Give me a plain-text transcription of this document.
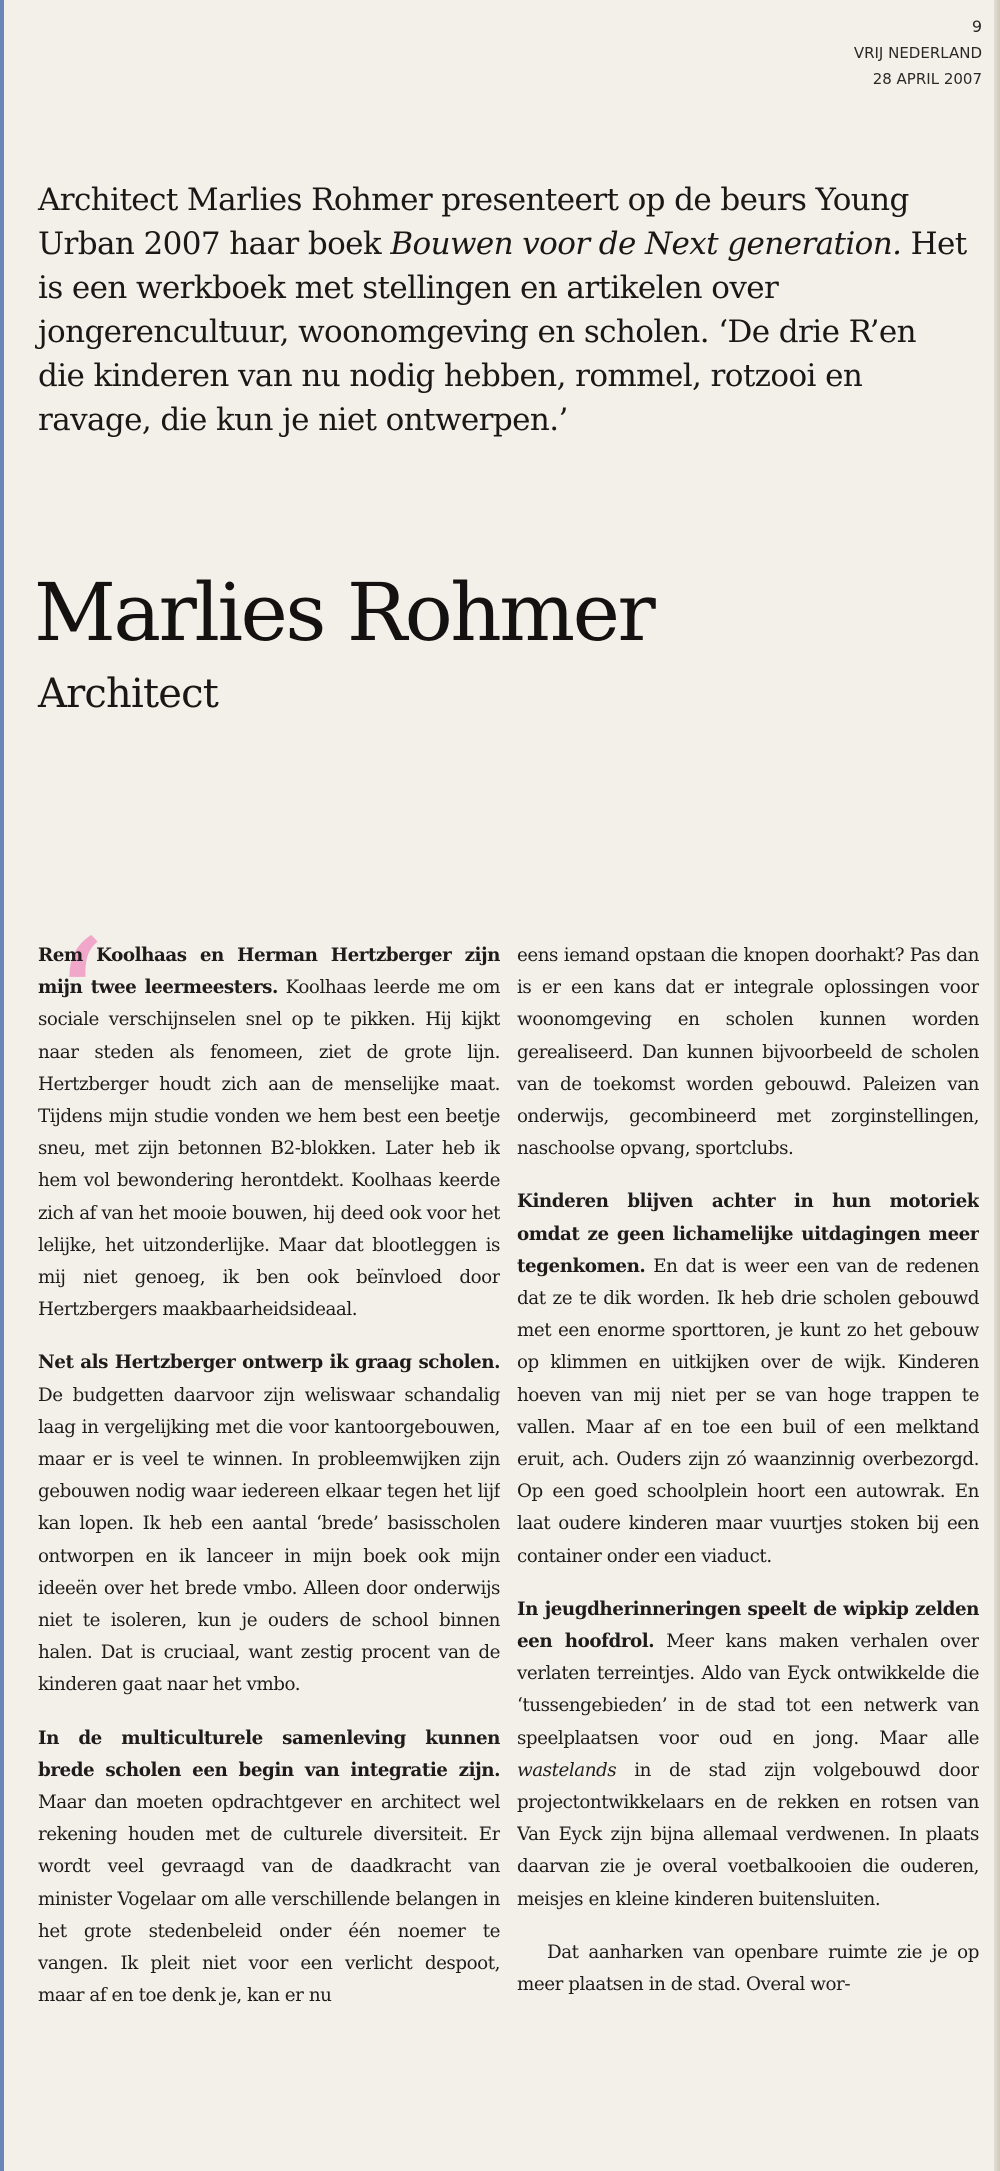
9
VRIJ NEDERLAND
28 APRIL 2007
Architect Marlies Rohmer presenteert op de beurs Young Urban 2007 haar boek Bouwen voor de Next generation. Het is een werkboek met stellingen en artikelen over jongerencultuur, woonomgeving en scholen. ‘De drie R’en die kinderen van nu nodig hebben, rommel, rotzooi en ravage, die kun je niet ontwerpen.’
Marlies Rohmer
Architect
‘

Rem Koolhaas en Herman Hertzberger zijn mijn twee leermeesters. Koolhaas leerde me om sociale verschijnselen snel op te pikken. Hij kijkt naar steden als fenomeen, ziet de grote lijn. Hertzberger houdt zich aan de menselijke maat. Tijdens mijn studie vonden we hem best een beetje sneu, met zijn betonnen B2-blokken. Later heb ik hem vol bewondering herontdekt. Koolhaas keerde zich af van het mooie bouwen, hij deed ook voor het lelijke, het uitzonderlijke. Maar dat blootleggen is mij niet genoeg, ik ben ook beïnvloed door Hertzbergers maakbaarheidsideaal.

Net als Hertzberger ontwerp ik graag scholen. De budgetten daarvoor zijn weliswaar schandalig laag in vergelijking met die voor kantoorgebouwen, maar er is veel te winnen. In probleemwijken zijn gebouwen nodig waar iedereen elkaar tegen het lijf kan lopen. Ik heb een aantal ‘brede’ basisscholen ontworpen en ik lanceer in mijn boek ook mijn ideeën over het brede vmbo. Alleen door onderwijs niet te isoleren, kun je ouders de school binnen halen. Dat is cruciaal, want zestig procent van de kinderen gaat naar het vmbo.

In de multiculturele samenleving kunnen brede scholen een begin van integratie zijn. Maar dan moeten opdrachtgever en architect wel rekening houden met de culturele diversiteit. Er wordt veel gevraagd van de daadkracht van minister Vogelaar om alle verschillende belangen in het grote stedenbeleid onder één noemer te vangen. Ik pleit niet voor een verlicht despoot, maar af en toe denk je, kan er nu

eens iemand opstaan die knopen doorhakt? Pas dan is er een kans dat er integrale oplossingen voor woonomgeving en scholen kunnen worden gerealiseerd. Dan kunnen bijvoorbeeld de scholen van de toekomst worden gebouwd. Paleizen van onderwijs, gecombineerd met zorginstellingen, naschoolse opvang, sportclubs.

Kinderen blijven achter in hun motoriek omdat ze geen lichamelijke uitdagingen meer tegenkomen. En dat is weer een van de redenen dat ze te dik worden. Ik heb drie scholen gebouwd met een enorme sporttoren, je kunt zo het gebouw op klimmen en uitkijken over de wijk. Kinderen hoeven van mij niet per se van hoge trappen te vallen. Maar af en toe een buil of een melktand eruit, ach. Ouders zijn zó waanzinnig overbezorgd. Op een goed schoolplein hoort een autowrak. En laat oudere kinderen maar vuurtjes stoken bij een container onder een viaduct.

In jeugdherinneringen speelt de wipkip zelden een hoofdrol. Meer kans maken verhalen over verlaten terreintjes. Aldo van Eyck ontwikkelde die ‘tussengebieden’ in de stad tot een netwerk van speelplaatsen voor oud en jong. Maar alle wastelands in de stad zijn volgebouwd door projectontwikkelaars en de rekken en rotsen van Van Eyck zijn bijna allemaal verdwenen. In plaats daarvan zie je overal voetbalkooien die ouderen, meisjes en kleine kinderen buitensluiten.

Dat aanharken van openbare ruimte zie je op meer plaatsen in de stad. Overal wor-
